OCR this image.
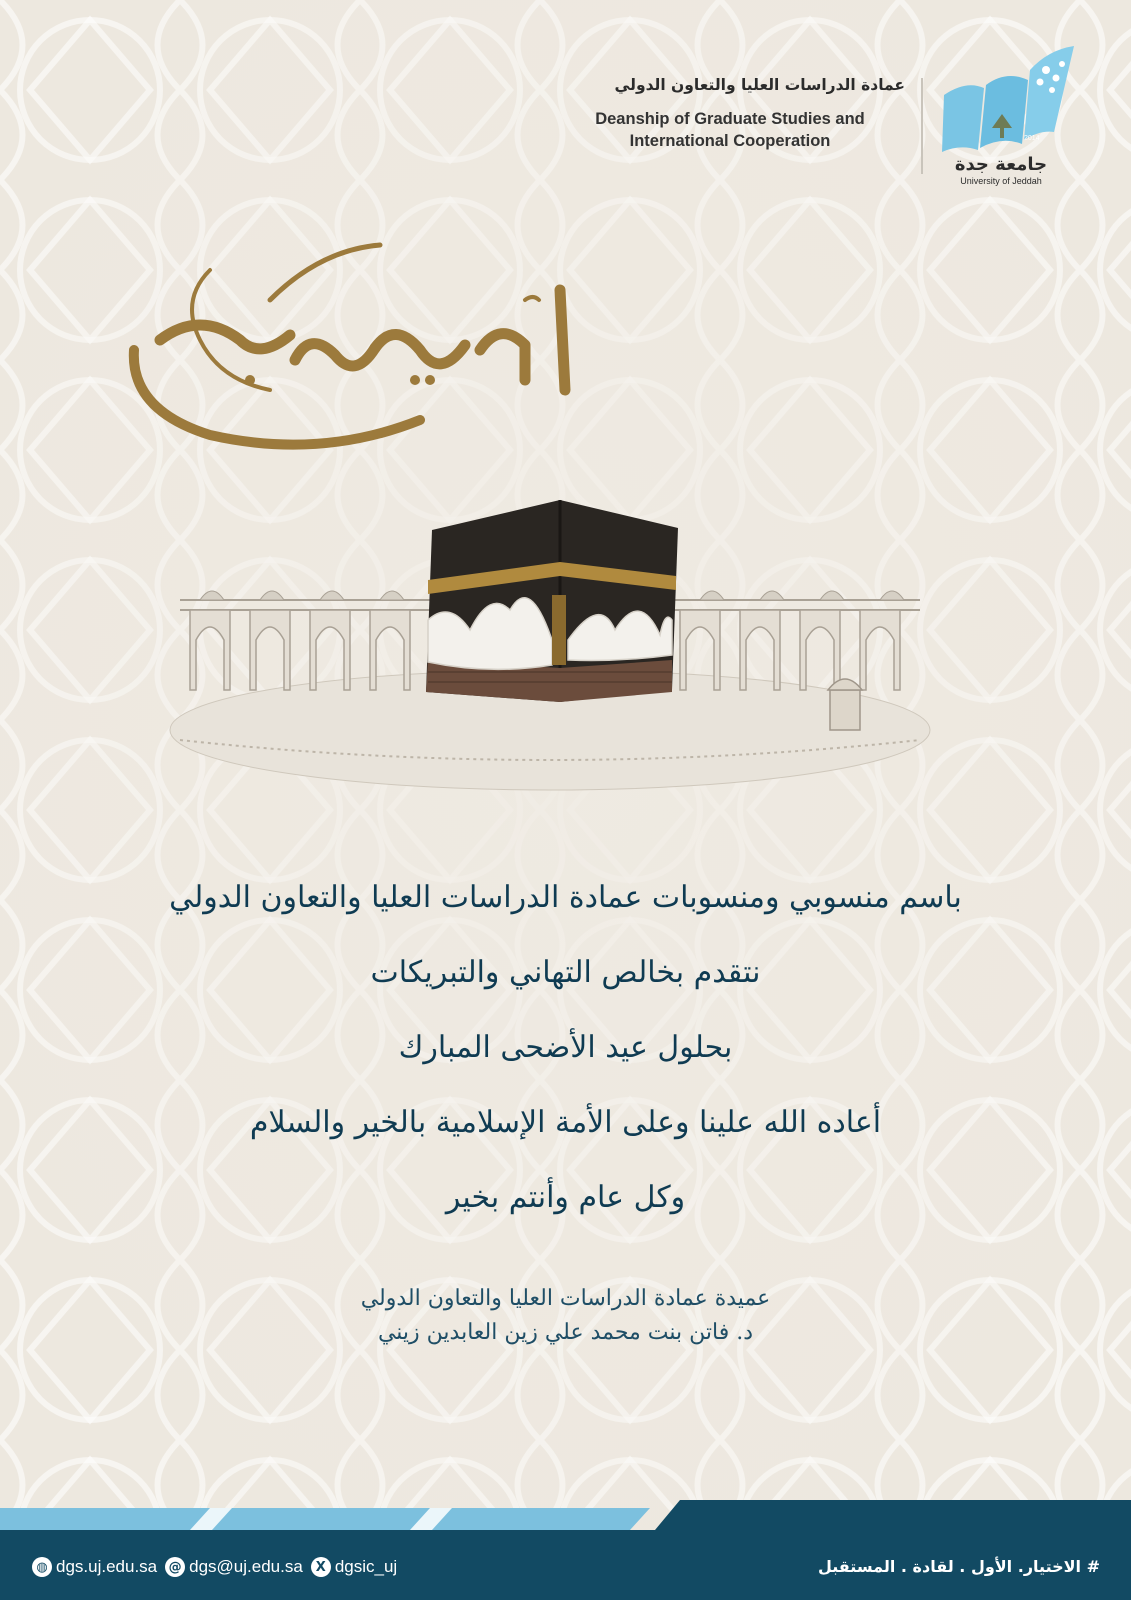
عمادة الدراسات العليا والتعاون الدولي
Deanship of Graduate Studies and
International Cooperation	2014
جامعة جدة
University of Jeddah
باسم منسوبي ومنسوبات عمادة الدراسات العليا والتعاون الدولي
نتقدم بخالص التهاني والتبريكات
بحلول عيد الأضحى المبارك
أعاده الله علينا وعلى الأمة الإسلامية بالخير والسلام
وكل عام وأنتم بخير
عميدة عمادة الدراسات العليا والتعاون الدولي
د. فاتن بنت محمد علي زين العابدين زيني
◍ dgs.uj.edu.sa @ dgs@uj.edu.sa X dgsic_uj	# الاختيار. الأول . لقادة . المستقبل
